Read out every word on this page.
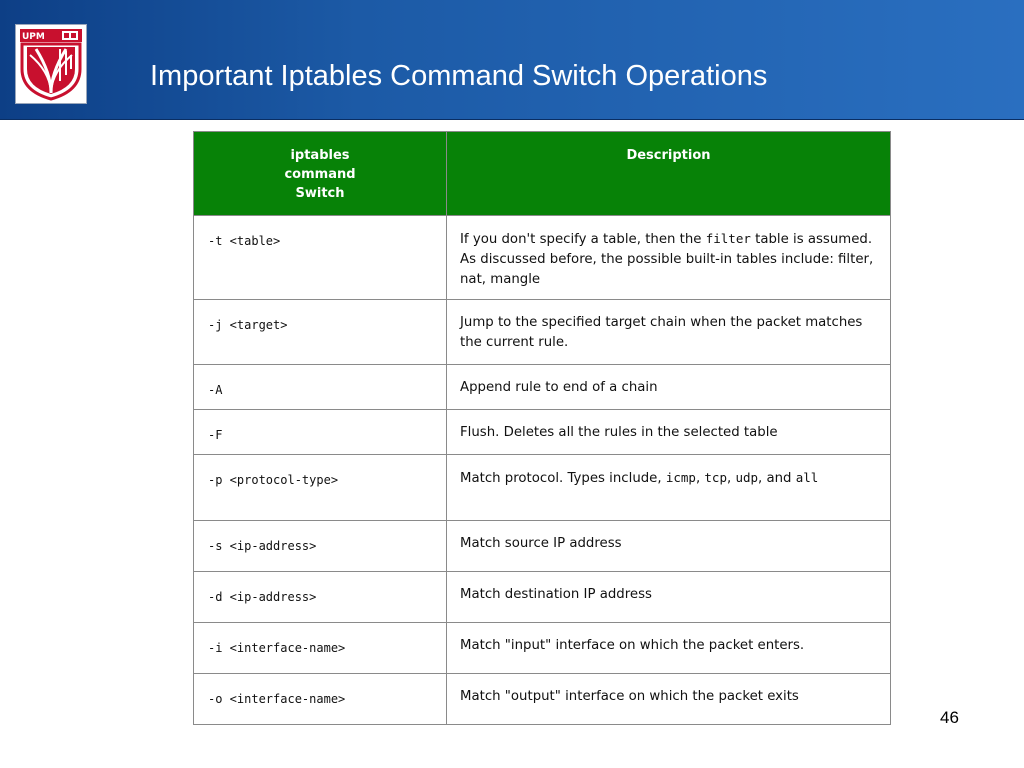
UPM
Important Iptables Command Switch Operations
iptables
command
Switch	Description
-t <table>	If you don't specify a table, then the filter table is assumed. As discussed before, the possible built-in tables include: filter, nat, mangle
-j <target>	Jump to the specified target chain when the packet matches the current rule.
-A	Append rule to end of a chain
-F	Flush. Deletes all the rules in the selected table
-p <protocol-type>	Match protocol. Types include, icmp, tcp, udp, and all
-s <ip-address>	Match source IP address
-d <ip-address>	Match destination IP address
-i <interface-name>	Match "input" interface on which the packet enters.
-o <interface-name>	Match "output" interface on which the packet exits
46
